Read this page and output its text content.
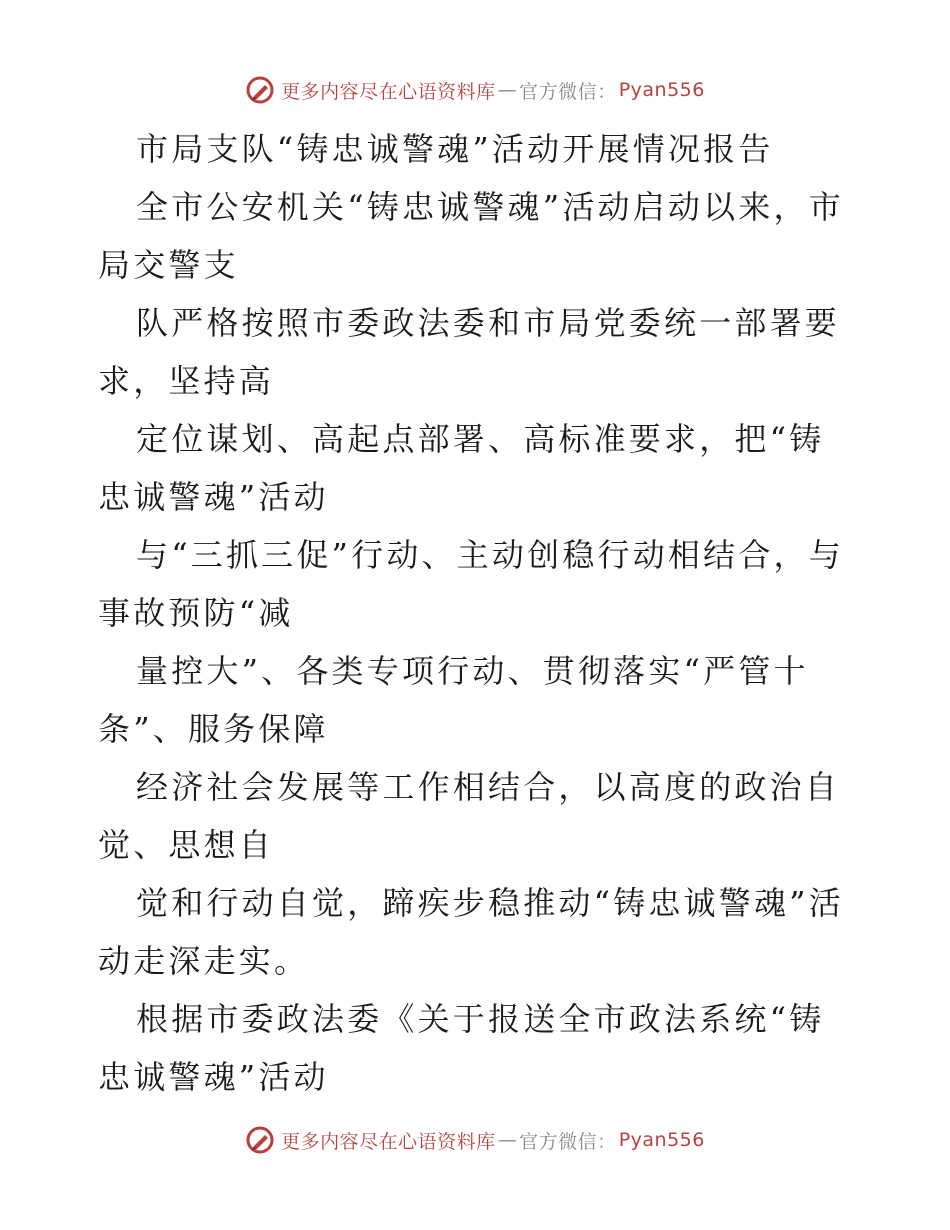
更多内容尽在心语资料库 — 官方微信： Pyan556

市局支队“铸忠诚警魂”活动开展情况报告

全市公安机关“铸忠诚警魂”活动启动以来，市局交警支

队严格按照市委政法委和市局党委统一部署要求，坚持高

定位谋划、高起点部署、高标准要求，把“铸忠诚警魂”活动

与“三抓三促”行动、主动创稳行动相结合，与事故预防“减

量控大”、各类专项行动、贯彻落实“严管十条”、服务保障

经济社会发展等工作相结合，以高度的政治自觉、思想自

觉和行动自觉，蹄疾步稳推动“铸忠诚警魂”活动走深走实。

根据市委政法委《关于报送全市政法系统“铸忠诚警魂”活动

更多内容尽在心语资料库 — 官方微信： Pyan556
